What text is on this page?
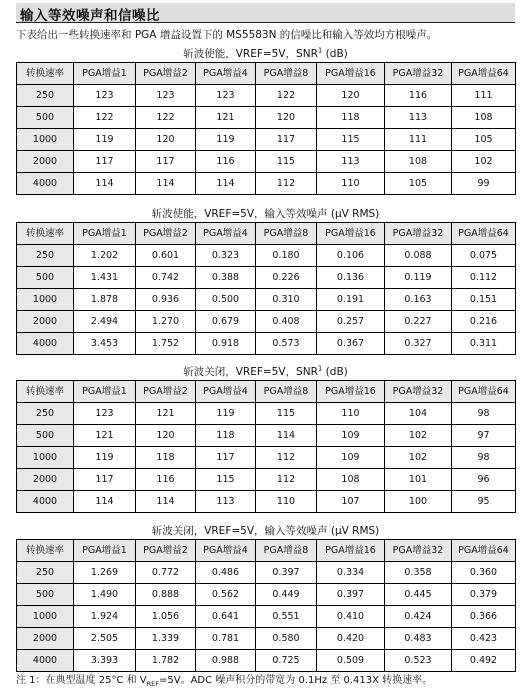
输入等效噪声和信噪比
下表给出一些转换速率和 PGA 增益设置下的 MS5583N 的信噪比和输入等效均方根噪声。
斩波使能，VREF=5V，SNR$^1$ (dB)
转换速率	PGA增益1	PGA增益2	PGA增益4	PGA增益8	PGA增益16	PGA增益32	PGA增益64
250	123	123	123	122	120	116	111
500	122	122	121	120	118	113	108
1000	119	120	119	117	115	111	105
2000	117	117	116	115	113	108	102
4000	114	114	114	112	110	105	99
斩波使能，VREF=5V，输入等效噪声 (µV RMS)
转换速率	PGA增益1	PGA增益2	PGA增益4	PGA增益8	PGA增益16	PGA增益32	PGA增益64
250	1.202	0.601	0.323	0.180	0.106	0.088	0.075
500	1.431	0.742	0.388	0.226	0.136	0.119	0.112
1000	1.878	0.936	0.500	0.310	0.191	0.163	0.151
2000	2.494	1.270	0.679	0.408	0.257	0.227	0.216
4000	3.453	1.752	0.918	0.573	0.367	0.327	0.311
斩波关闭，VREF=5V，SNR$^1$ (dB)
转换速率	PGA增益1	PGA增益2	PGA增益4	PGA增益8	PGA增益16	PGA增益32	PGA增益64
250	123	121	119	115	110	104	98
500	121	120	118	114	109	102	97
1000	119	118	117	112	109	102	98
2000	117	116	115	112	108	101	96
4000	114	114	113	110	107	100	95
斩波关闭，VREF=5V，输入等效噪声 (µV RMS)
转换速率	PGA增益1	PGA增益2	PGA增益4	PGA增益8	PGA增益16	PGA增益32	PGA增益64
250	1.269	0.772	0.486	0.397	0.334	0.358	0.360
500	1.490	0.888	0.562	0.449	0.397	0.445	0.379
1000	1.924	1.056	0.641	0.551	0.410	0.424	0.366
2000	2.505	1.339	0.781	0.580	0.420	0.483	0.423
4000	3.393	1.782	0.988	0.725	0.509	0.523	0.492
注 1：在典型温度 25°C 和 $V_{REF}=5V$。ADC 噪声积分的带宽为 0.1Hz 至 0.413X 转换速率。
